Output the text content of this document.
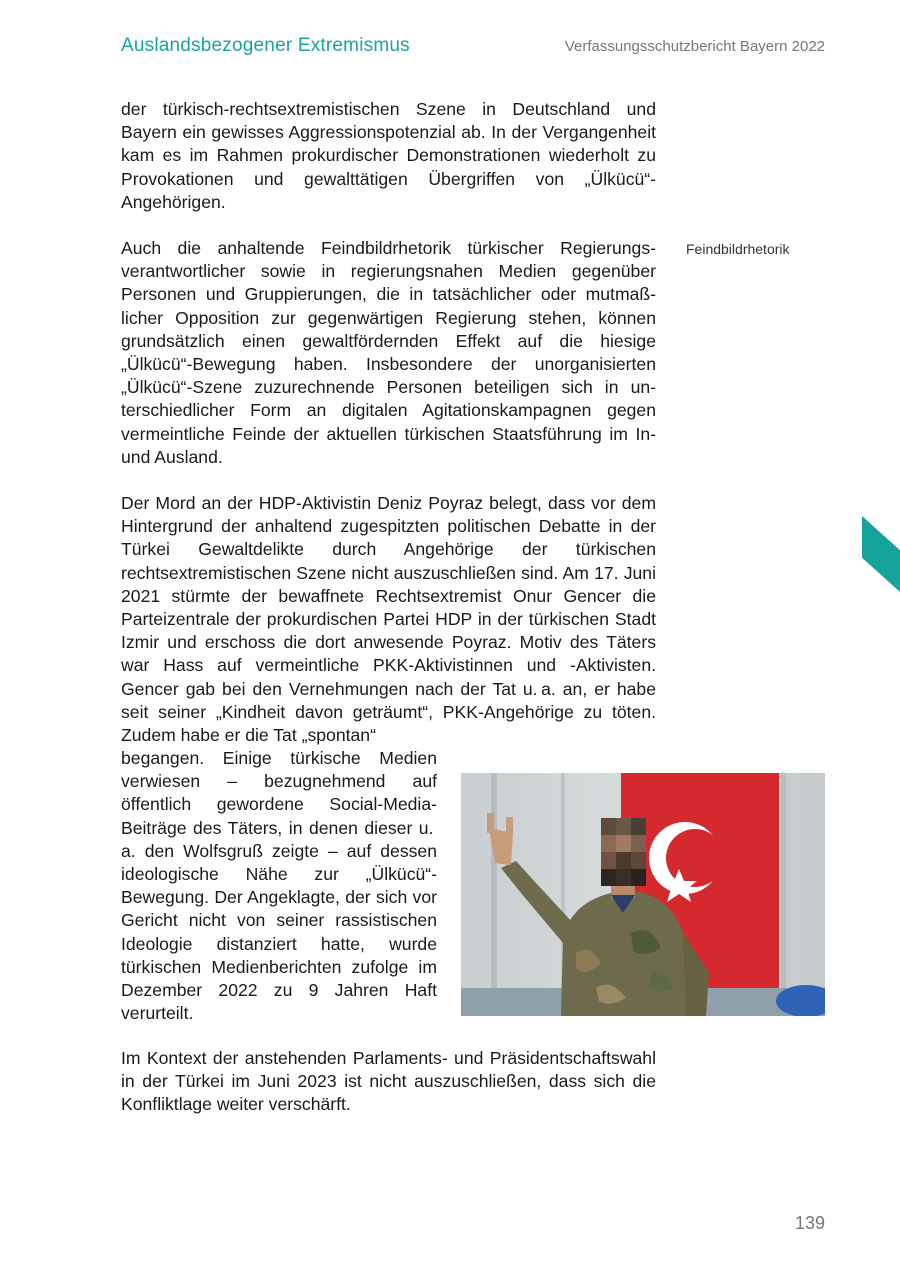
Auslandsbezogener Extremismus	Verfassungsschutzbericht Bayern 2022

der türkisch-rechtsextremistischen Szene in Deutschland und Bayern ein gewisses Aggressionspotenzial ab. In der Vergangenheit kam es im Rahmen prokurdischer Demonstrationen wiederholt zu Provokationen und gewalttätigen Übergriffen von „Ülkücü“-Angehörigen.

Auch die anhaltende Feindbildrhetorik türkischer Regierungsverantwortlicher sowie in regierungsnahen Medien gegenüber Personen und Gruppierungen, die in tatsächlicher oder mutmaßlicher Opposition zur gegenwärtigen Regierung stehen, können grundsätzlich einen gewaltfördernden Effekt auf die hiesige „Ülkücü“-Bewegung haben. Insbesondere der unorganisierten „Ülkücü“-Szene zuzurechnende Personen beteiligen sich in unterschiedlicher Form an digitalen Agitationskampagnen gegen vermeintliche Feinde der aktuellen türkischen Staatsführung im In- und Ausland.

Feindbildrhetorik

Der Mord an der HDP-Aktivistin Deniz Poyraz belegt, dass vor dem Hintergrund der anhaltend zugespitzten politischen Debatte in der Türkei Gewaltdelikte durch Angehörige der türkischen rechtsextremistischen Szene nicht auszuschließen sind. Am 17. Juni 2021 stürmte der bewaffnete Rechtsextremist Onur Gencer die Parteizentrale der prokurdischen Partei HDP in der türkischen Stadt Izmir und erschoss die dort anwesende Poyraz. Motiv des Täters war Hass auf vermeintliche PKK-Aktivistinnen und -Aktivisten. Gencer gab bei den Vernehmungen nach der Tat u. a. an, er habe seit seiner „Kindheit davon geträumt“, PKK-Angehörige zu töten. Zudem habe er die Tat „spontan“

begangen. Einige türkische Medien verwiesen – bezugnehmend auf öffentlich gewordene Social-Media-Beiträge des Täters, in denen dieser u. a. den Wolfsgruß zeigte – auf dessen ideologische Nähe zur „Ülkücü“-Bewegung. Der Angeklagte, der sich vor Gericht nicht von seiner rassistischen Ideologie distanziert hatte, wurde türkischen Medienberichten zufolge im Dezember 2022 zu 9 Jahren Haft verurteilt.

Im Kontext der anstehenden Parlaments- und Präsidentschaftswahl in der Türkei im Juni 2023 ist nicht auszuschließen, dass sich die Konfliktlage weiter verschärft.

139
